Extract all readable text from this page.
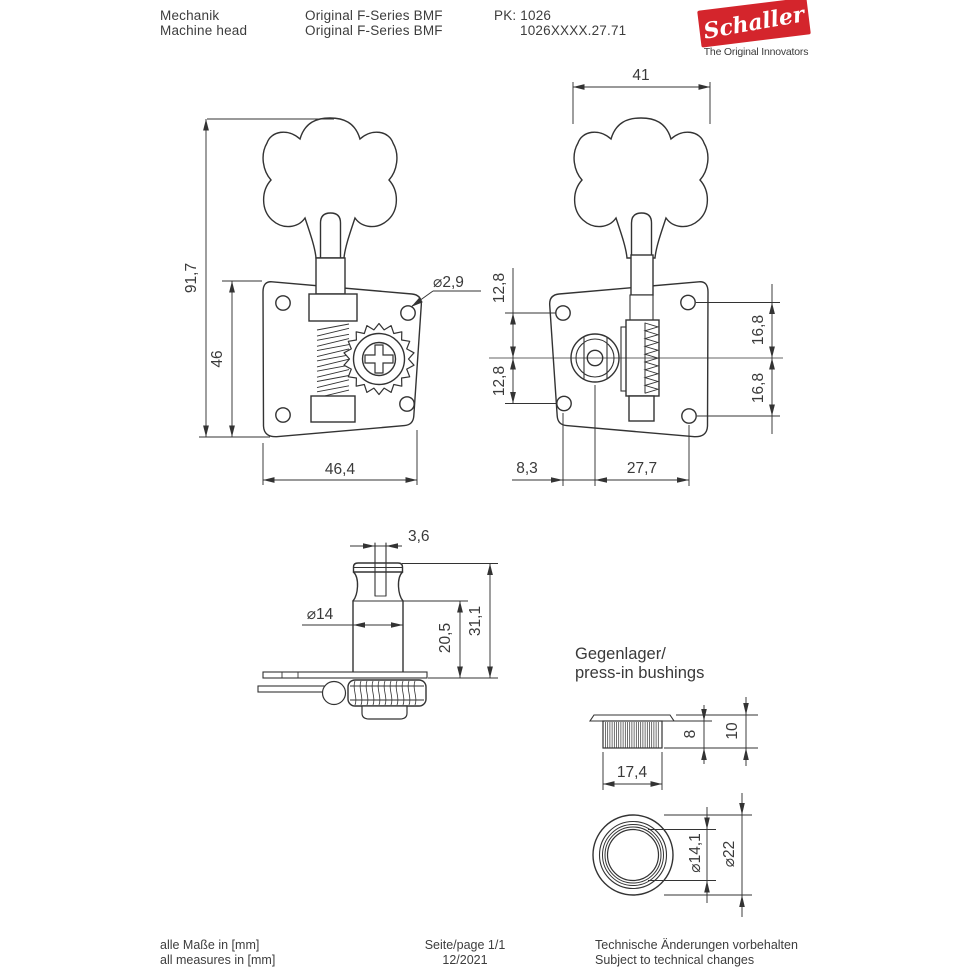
Mechanik
Machine head
Original F-Series BMF
Original F-Series BMF
PK: 1026
1026XXXX.27.71	Schaller
The Original Innovators
91,7
46
46,4
⌀2,9
41
12,8
12,8
16,8
16,8
8,3	27,7
3,6
⌀14
20,5
31,1
Gegenlager/
press-in bushings
17,4
8 10
⌀14,1 ⌀22
alle Maße in [mm]
all measures in [mm]
Seite/page 1/1
12/2021
Technische Änderungen vorbehalten
Subject to technical changes
